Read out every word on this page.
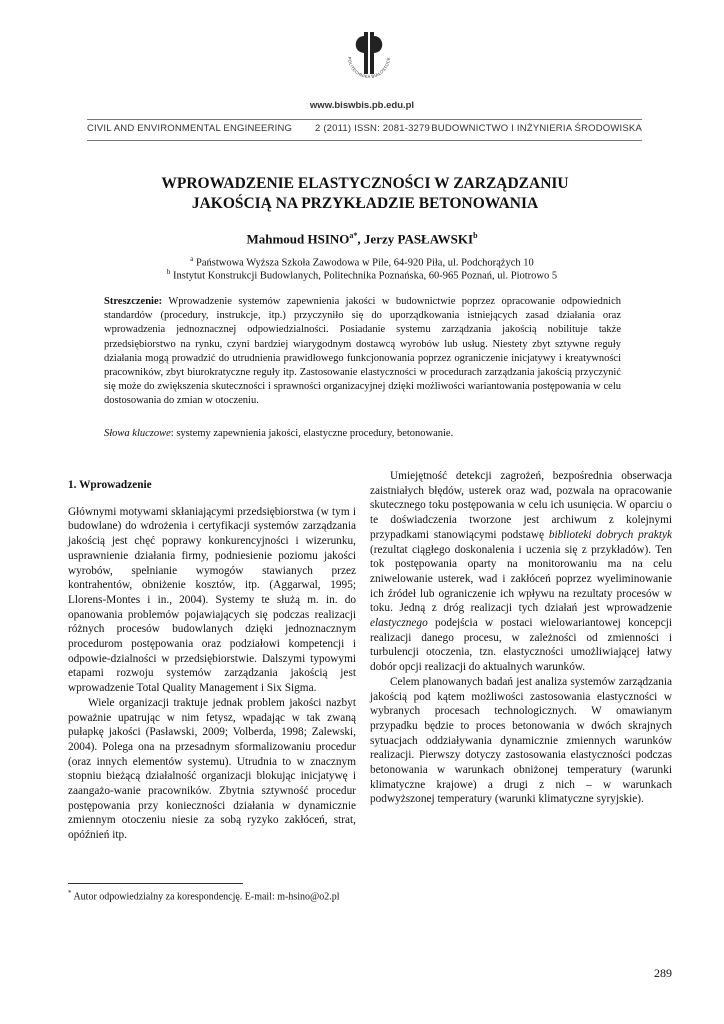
POLITECHNIKA BIAŁOSTOCK
www.biswbis.pb.edu.pl
CIVIL AND ENVIRONMENTAL ENGINEERING 2 (2011) ISSN: 2081-3279 BUDOWNICTWO I INŻYNIERIA ŚRODOWISKA
WPROWADZENIE ELASTYCZNOŚCI W ZARZĄDZANIU
JAKOŚCIĄ NA PRZYKŁADZIE BETONOWANIA
Mahmoud $HSINO^{a*}$, Jerzy PASŁAWSKI$^b$
$^a$ Państwowa Wyższa Szkoła Zawodowa w Pile, 64-920 Piła, ul. Podchorążych 10
$^b$ Instytut Konstrukcji Budowlanych, Politechnika Poznańska, 60-965 Poznań, ul. Piotrowo 5
Streszczenie: Wprowadzenie systemów zapewnienia jakości w budownictwie poprzez opracowanie odpowiednich standardów (procedury, instrukcje, itp.) przyczyniło się do uporządkowania istniejących zasad działania oraz wprowadzenia jednoznacznej odpowiedzialności. Posiadanie systemu zarządzania jakością nobilituje także przedsiębiorstwo na rynku, czyni bardziej wiarygodnym dostawcą wyrobów lub usług. Niestety zbyt sztywne reguły działania mogą prowadzić do utrudnienia prawidłowego funkcjonowania poprzez ograniczenie inicjatywy i kreatywności pracowników, zbyt biurokratyczne reguły itp. Zastosowanie elastyczności w procedurach zarządzania jakością przyczynić się może do zwiększenia skuteczności i sprawności organizacyjnej dzięki możliwości wariantowania postępowania w celu dostosowania do zmian w otoczeniu.
Słowa kluczowe: systemy zapewnienia jakości, elastyczne procedury, betonowanie.
1. Wprowadzenie

Głównymi motywami skłaniającymi przedsiębiorstwa (w tym i budowlane) do wdrożenia i certyfikacji systemów zarządzania jakością jest chęć poprawy konkurencyjności i wizerunku, usprawnienie działania firmy, podniesienie poziomu jakości wyrobów, spełnianie wymogów stawianych przez kontrahentów, obniżenie kosztów, itp. (Aggarwal, 1995; Llorens-Montes i in., 2004). Systemy te służą m. in. do opanowania problemów pojawiających się podczas realizacji różnych procesów budowlanych dzięki jednoznacznym procedurom postępowania oraz podziałowi kompetencji i odpowie-dzialności w przedsiębiorstwie. Dalszymi typowymi etapami rozwoju systemów zarządzania jakością jest wprowadzenie Total Quality Management i Six Sigma.

Wiele organizacji traktuje jednak problem jakości nazbyt poważnie upatrując w nim fetysz, wpadając w tak zwaną pułapkę jakości (Pasławski, 2009; Volberda, 1998; Zalewski, 2004). Polega ona na przesadnym sformalizowaniu procedur (oraz innych elementów systemu). Utrudnia to w znacznym stopniu bieżącą działalność organizacji blokując inicjatywę i zaangażo-wanie pracowników. Zbytnia sztywność procedur postępowania przy konieczności działania w dynamicznie zmiennym otoczeniu niesie za sobą ryzyko zakłóceń, strat, opóźnień itp.

Umiejętność detekcji zagrożeń, bezpośrednia obserwacja zaistniałych błędów, usterek oraz wad, pozwala na opracowanie skutecznego toku postępowania w celu ich usunięcia. W oparciu o te doświadczenia tworzone jest archiwum z kolejnymi przypadkami stanowiącymi podstawę biblioteki dobrych praktyk (rezultat ciągłego doskonalenia i uczenia się z przykładów). Ten tok postępowania oparty na monitorowaniu ma na celu zniwelowanie usterek, wad i zakłóceń poprzez wyeliminowanie ich źródeł lub ograniczenie ich wpływu na rezultaty procesów w toku. Jedną z dróg realizacji tych działań jest wprowadzenie elastycznego podejścia w postaci wielowariantowej koncepcji realizacji danego procesu, w zależności od zmienności i turbulencji otoczenia, tzn. elastyczności umożliwiającej łatwy dobór opcji realizacji do aktualnych warunków.

Celem planowanych badań jest analiza systemów zarządzania jakością pod kątem możliwości zastosowania elastyczności w wybranych procesach technologicznych. W omawianym przypadku będzie to proces betonowania w dwóch skrajnych sytuacjach oddziaływania dynamicznie zmiennych warunków realizacji. Pierwszy dotyczy zastosowania elastyczności podczas betonowania w warunkach obniżonej temperatury (warunki klimatyczne krajowe) a drugi z nich – w warunkach podwyższonej temperatury (warunki klimatyczne syryjskie).

* Autor odpowiedzialny za korespondencję. E-mail: m-hsino@o2.pl
289
